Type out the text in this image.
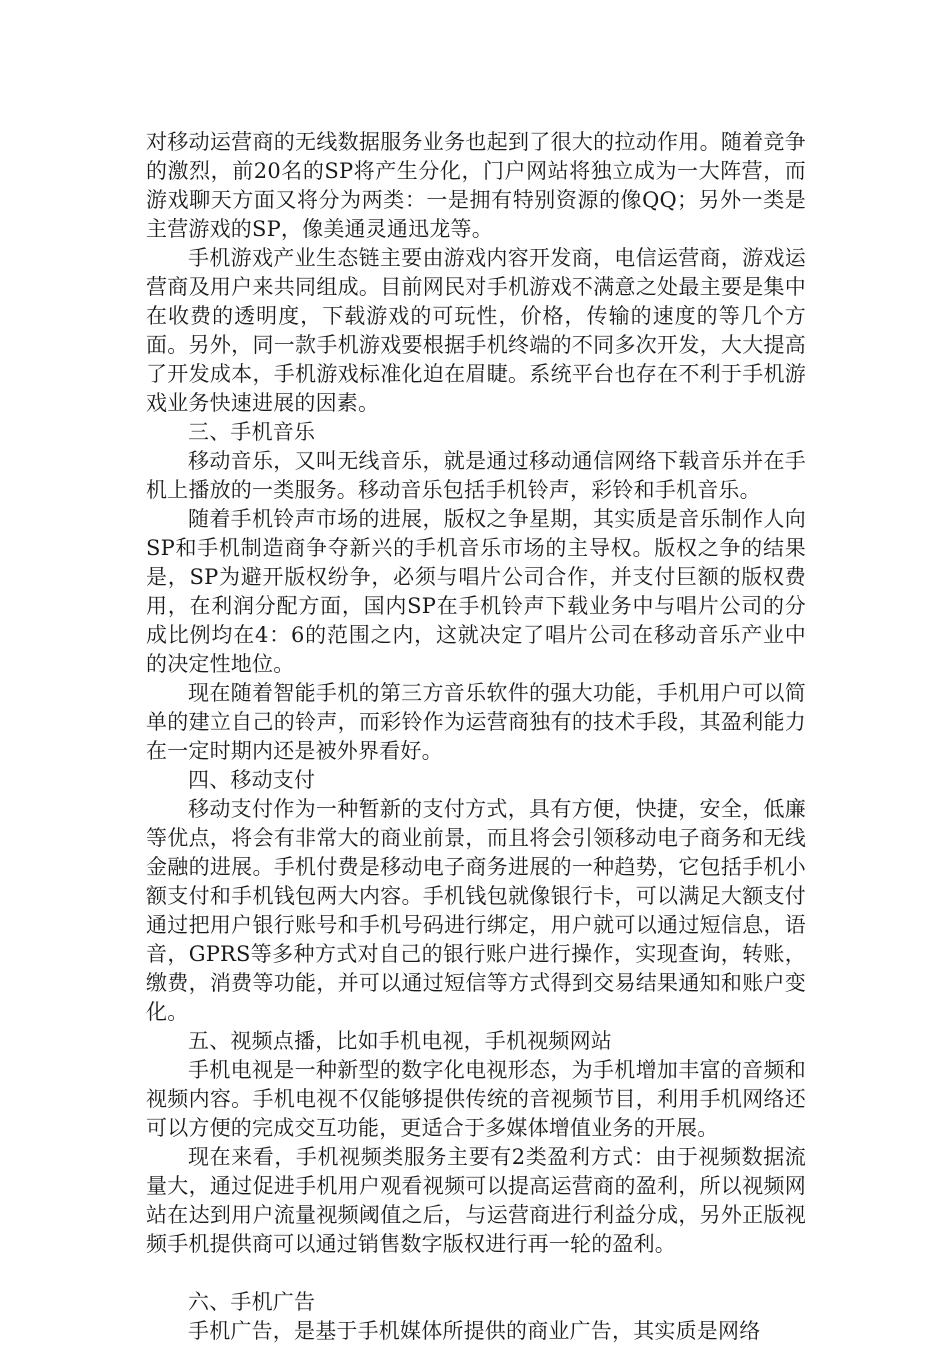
对移动运营商的无线数据服务业务也起到了很大的拉动作用。随着竞争的激烈，前20名的SP将产生分化，门户网站将独立成为一大阵营，而游戏聊天方面又将分为两类：一是拥有特别资源的像QQ；另外一类是主营游戏的SP，像美通灵通迅龙等。

手机游戏产业生态链主要由游戏内容开发商，电信运营商，游戏运营商及用户来共同组成。目前网民对手机游戏不满意之处最主要是集中在收费的透明度，下载游戏的可玩性，价格，传输的速度的等几个方面。另外，同一款手机游戏要根据手机终端的不同多次开发，大大提高了开发成本，手机游戏标准化迫在眉睫。系统平台也存在不利于手机游戏业务快速进展的因素。

三、手机音乐

移动音乐，又叫无线音乐，就是通过移动通信网络下载音乐并在手机上播放的一类服务。移动音乐包括手机铃声，彩铃和手机音乐。

随着手机铃声市场的进展，版权之争星期，其实质是音乐制作人向SP和手机制造商争夺新兴的手机音乐市场的主导权。版权之争的结果是，SP为避开版权纷争，必须与唱片公司合作，并支付巨额的版权费用，在利润分配方面，国内SP在手机铃声下载业务中与唱片公司的分成比例均在4：6的范围之内，这就决定了唱片公司在移动音乐产业中的决定性地位。

现在随着智能手机的第三方音乐软件的强大功能，手机用户可以简单的建立自己的铃声，而彩铃作为运营商独有的技术手段，其盈利能力在一定时期内还是被外界看好。

四、移动支付

移动支付作为一种暂新的支付方式，具有方便，快捷，安全，低廉等优点，将会有非常大的商业前景，而且将会引领移动电子商务和无线金融的进展。手机付费是移动电子商务进展的一种趋势，它包括手机小额支付和手机钱包两大内容。手机钱包就像银行卡，可以满足大额支付通过把用户银行账号和手机号码进行绑定，用户就可以通过短信息，语音，GPRS等多种方式对自己的银行账户进行操作，实现查询，转账，缴费，消费等功能，并可以通过短信等方式得到交易结果通知和账户变化。

五、视频点播，比如手机电视，手机视频网站

手机电视是一种新型的数字化电视形态，为手机增加丰富的音频和视频内容。手机电视不仅能够提供传统的音视频节目，利用手机网络还可以方便的完成交互功能，更适合于多媒体增值业务的开展。

现在来看，手机视频类服务主要有2类盈利方式：由于视频数据流量大，通过促进手机用户观看视频可以提高运营商的盈利，所以视频网站在达到用户流量视频阈值之后，与运营商进行利益分成，另外正版视频手机提供商可以通过销售数字版权进行再一轮的盈利。

六、手机广告

手机广告，是基于手机媒体所提供的商业广告，其实质是网络
